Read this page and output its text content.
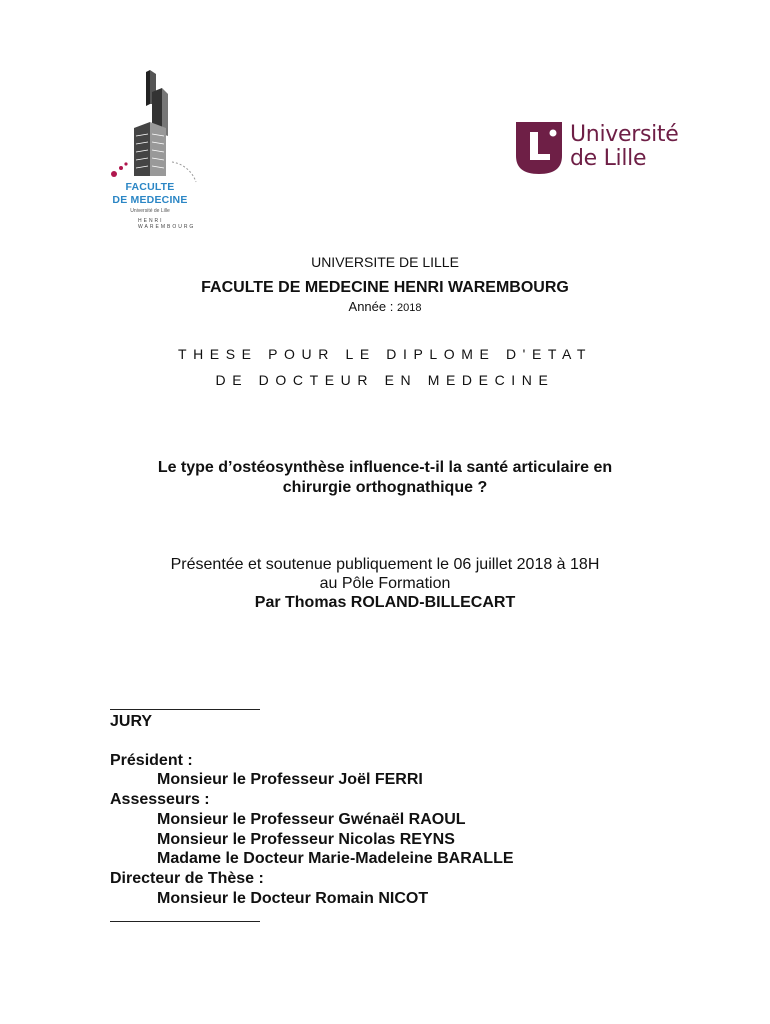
FACULTE
DE MEDECINE
Université de Lille
HENRI WAREMBOURG
Université
de Lille
UNIVERSITE DE LILLE
FACULTE DE MEDECINE HENRI WAREMBOURG
Année : 2018
THESE POUR LE DIPLOME D'ETAT
DE DOCTEUR EN MEDECINE
Le type d’ostéosynthèse influence-t-il la santé articulaire en
chirurgie orthognathique ?
Présentée et soutenue publiquement le 06 juillet 2018 à 18H
au Pôle Formation
Par Thomas ROLAND-BILLECART
JURY
Président :
Monsieur le Professeur Joël FERRI
Assesseurs :
Monsieur le Professeur Gwénaël RAOUL
Monsieur le Professeur Nicolas REYNS
Madame le Docteur Marie-Madeleine BARALLE
Directeur de Thèse :
Monsieur le Docteur Romain NICOT
